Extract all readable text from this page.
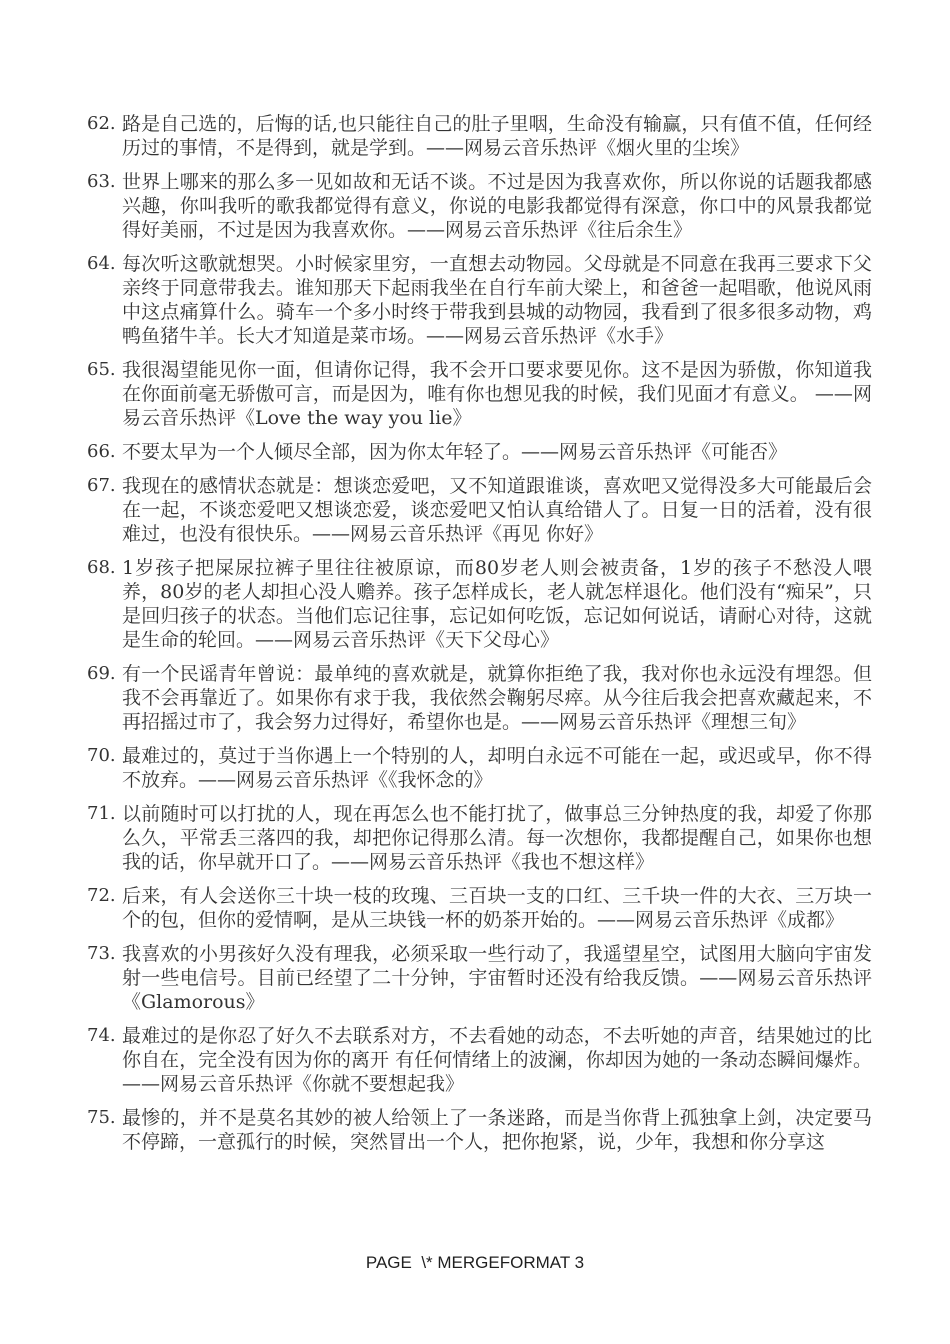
62. 路是自己选的，后悔的话,也只能往自己的肚子里咽，生命没有输赢，只有值不值，任何经历过的事情，不是得到，就是学到。——网易云音乐热评《烟火里的尘埃》
63. 世界上哪来的那么多一见如故和无话不谈。不过是因为我喜欢你，所以你说的话题我都感兴趣，你叫我听的歌我都觉得有意义，你说的电影我都觉得有深意，你口中的风景我都觉得好美丽，不过是因为我喜欢你。——网易云音乐热评《往后余生》
64. 每次听这歌就想哭。小时候家里穷，一直想去动物园。父母就是不同意在我再三要求下父亲终于同意带我去。谁知那天下起雨我坐在自行车前大梁上，和爸爸一起唱歌，他说风雨中这点痛算什么。骑车一个多小时终于带我到县城的动物园，我看到了很多很多动物，鸡鸭鱼猪牛羊。长大才知道是菜市场。——网易云音乐热评《水手》
65. 我很渴望能见你一面，但请你记得，我不会开口要求要见你。这不是因为骄傲，你知道我在你面前毫无骄傲可言，而是因为，唯有你也想见我的时候，我们见面才有意义。 ——网易云音乐热评《Love the way you lie》
66. 不要太早为一个人倾尽全部，因为你太年轻了。——网易云音乐热评《可能否》
67. 我现在的感情状态就是：想谈恋爱吧，又不知道跟谁谈，喜欢吧又觉得没多大可能最后会在一起，不谈恋爱吧又想谈恋爱，谈恋爱吧又怕认真给错人了。日复一日的活着，没有很难过，也没有很快乐。——网易云音乐热评《再见 你好》
68. 1岁孩子把屎尿拉裤子里往往被原谅，而80岁老人则会被责备，1岁的孩子不愁没人喂养，80岁的老人却担心没人赡养。孩子怎样成长，老人就怎样退化。他们没有“痴呆”，只是回归孩子的状态。当他们忘记往事，忘记如何吃饭，忘记如何说话，请耐心对待，这就是生命的轮回。——网易云音乐热评《天下父母心》
69. 有一个民谣青年曾说：最单纯的喜欢就是，就算你拒绝了我，我对你也永远没有埋怨。但我不会再靠近了。如果你有求于我，我依然会鞠躬尽瘁。从今往后我会把喜欢藏起来，不再招摇过市了，我会努力过得好，希望你也是。——网易云音乐热评《理想三旬》
70. 最难过的，莫过于当你遇上一个特别的人，却明白永远不可能在一起，或迟或早，你不得不放弃。——网易云音乐热评《《我怀念的》
71. 以前随时可以打扰的人，现在再怎么也不能打扰了，做事总三分钟热度的我，却爱了你那么久，平常丢三落四的我，却把你记得那么清。每一次想你，我都提醒自己，如果你也想我的话，你早就开口了。——网易云音乐热评《我也不想这样》
72. 后来，有人会送你三十块一枝的玫瑰、三百块一支的口红、三千块一件的大衣、三万块一个的包，但你的爱情啊，是从三块钱一杯的奶茶开始的。——网易云音乐热评《成都》
73. 我喜欢的小男孩好久没有理我，必须采取一些行动了，我遥望星空，试图用大脑向宇宙发射一些电信号。目前已经望了二十分钟，宇宙暂时还没有给我反馈。——网易云音乐热评《Glamorous》
74. 最难过的是你忍了好久不去联系对方，不去看她的动态，不去听她的声音，结果她过的比你自在，完全没有因为你的离开 有任何情绪上的波澜，你却因为她的一条动态瞬间爆炸。——网易云音乐热评《你就不要想起我》
75. 最惨的，并不是莫名其妙的被人给领上了一条迷路，而是当你背上孤独拿上剑，决定要马不停蹄，一意孤行的时候，突然冒出一个人，把你抱紧，说，少年，我想和你分享这
PAGE  \* MERGEFORMAT 3
